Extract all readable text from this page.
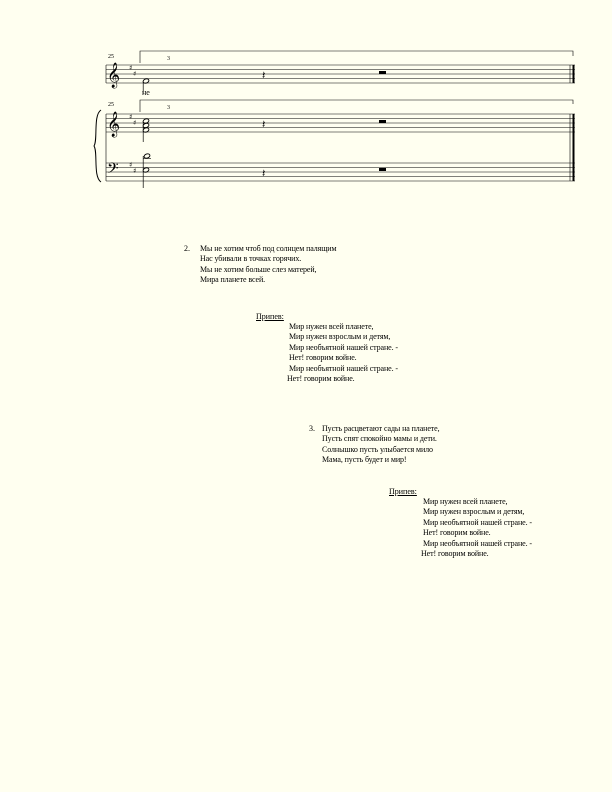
25	3
𝄞 ♯
♯
не
𝄽
25	3
𝄞 ♯
♯	𝄽
𝄢 ♯
♯	𝄽
2. Мы не хотим чтоб под солнцем палящим
Нас убивали в точках горячих.
Мы не хотим больше слез матерей,
Мира планете всей.
Припев:
Мир нужен всей планете,
Мир нужен взрослым и детям,
Мир необъятной нашей стране. -
Нет! говорим войне.
Мир необъятной нашей стране. -
Нет! говорим войне.
3. Пусть расцветают сады на планете,
Пусть спят спокойно мамы и дети.
Солнышко пусть улыбается мило
Мама, пусть будет и мир!
Припев:
Мир нужен всей планете,
Мир нужен взрослым и детям,
Мир необъятной нашей стране. -
Нет! говорим войне.
Мир необъятной нашей стране. -
Нет! говорим войне.
